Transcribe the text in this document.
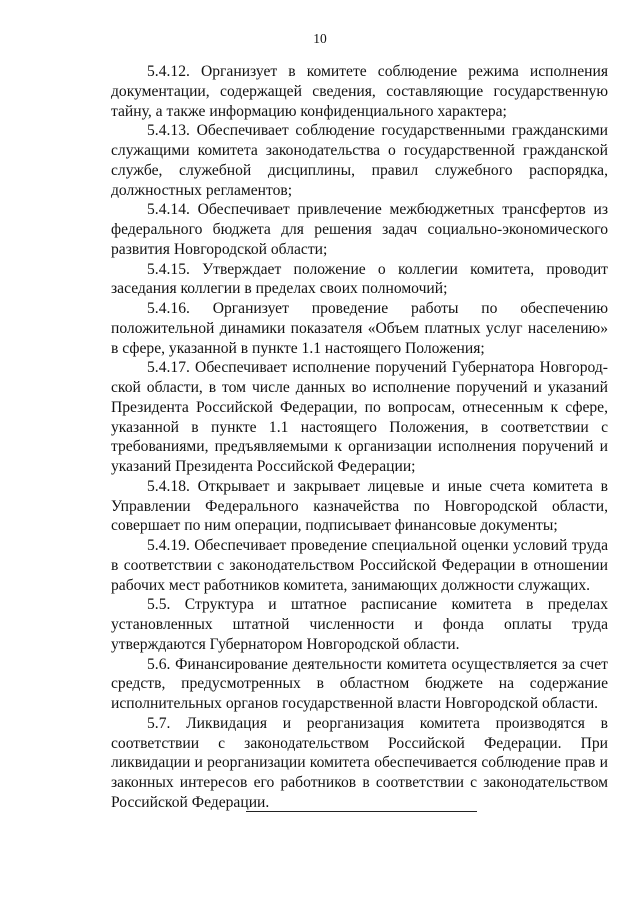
10

5.4.12. Организует в комитете соблюдение режима исполнения документации, содержащей сведения, составляющие государственную тайну, а также информацию конфиденциального характера;

5.4.13. Обеспечивает соблюдение государственными гражданскими служащими комитета законодательства о государственной гражданской службе, служебной дисциплины, правил служебного распорядка, должностных регламентов;

5.4.14. Обеспечивает привлечение межбюджетных трансфертов из федерального бюджета для решения задач социально-экономического развития Новгородской области;

5.4.15. Утверждает положение о коллегии комитета, проводит заседания коллегии в пределах своих полномочий;

5.4.16. Организует проведение работы по обеспечению положительной динамики показателя «Объем платных услуг населению» в сфере, указанной в пункте 1.1 настоящего Положения;

5.4.17. Обеспечивает исполнение поручений Губернатора Новгородской области, в том числе данных во исполнение поручений и указаний Президента Российской Федерации, по вопросам, отнесенным к сфере, указанной в пункте 1.1 настоящего Положения, в соответствии с требованиями, предъявляемыми к организации исполнения поручений и указаний Президента Российской Федерации;

5.4.18. Открывает и закрывает лицевые и иные счета комитета в Управлении Федерального казначейства по Новгородской области, совершает по ним операции, подписывает финансовые документы;

5.4.19. Обеспечивает проведение специальной оценки условий труда в соответствии с законодательством Российской Федерации в отношении рабочих мест работников комитета, занимающих должности служащих.

5.5. Структура и штатное расписание комитета в пределах установленных штатной численности и фонда оплаты труда утверждаются Губернатором Новгородской области.

5.6. Финансирование деятельности комитета осуществляется за счет средств, предусмотренных в областном бюджете на содержание исполнительных органов государственной власти Новгородской области.

5.7. Ликвидация и реорганизация комитета производятся в соответствии с законодательством Российской Федерации. При ликвидации и реорганизации комитета обеспечивается соблюдение прав и законных интересов его работников в соответствии с законодательством Российской Федерации.
